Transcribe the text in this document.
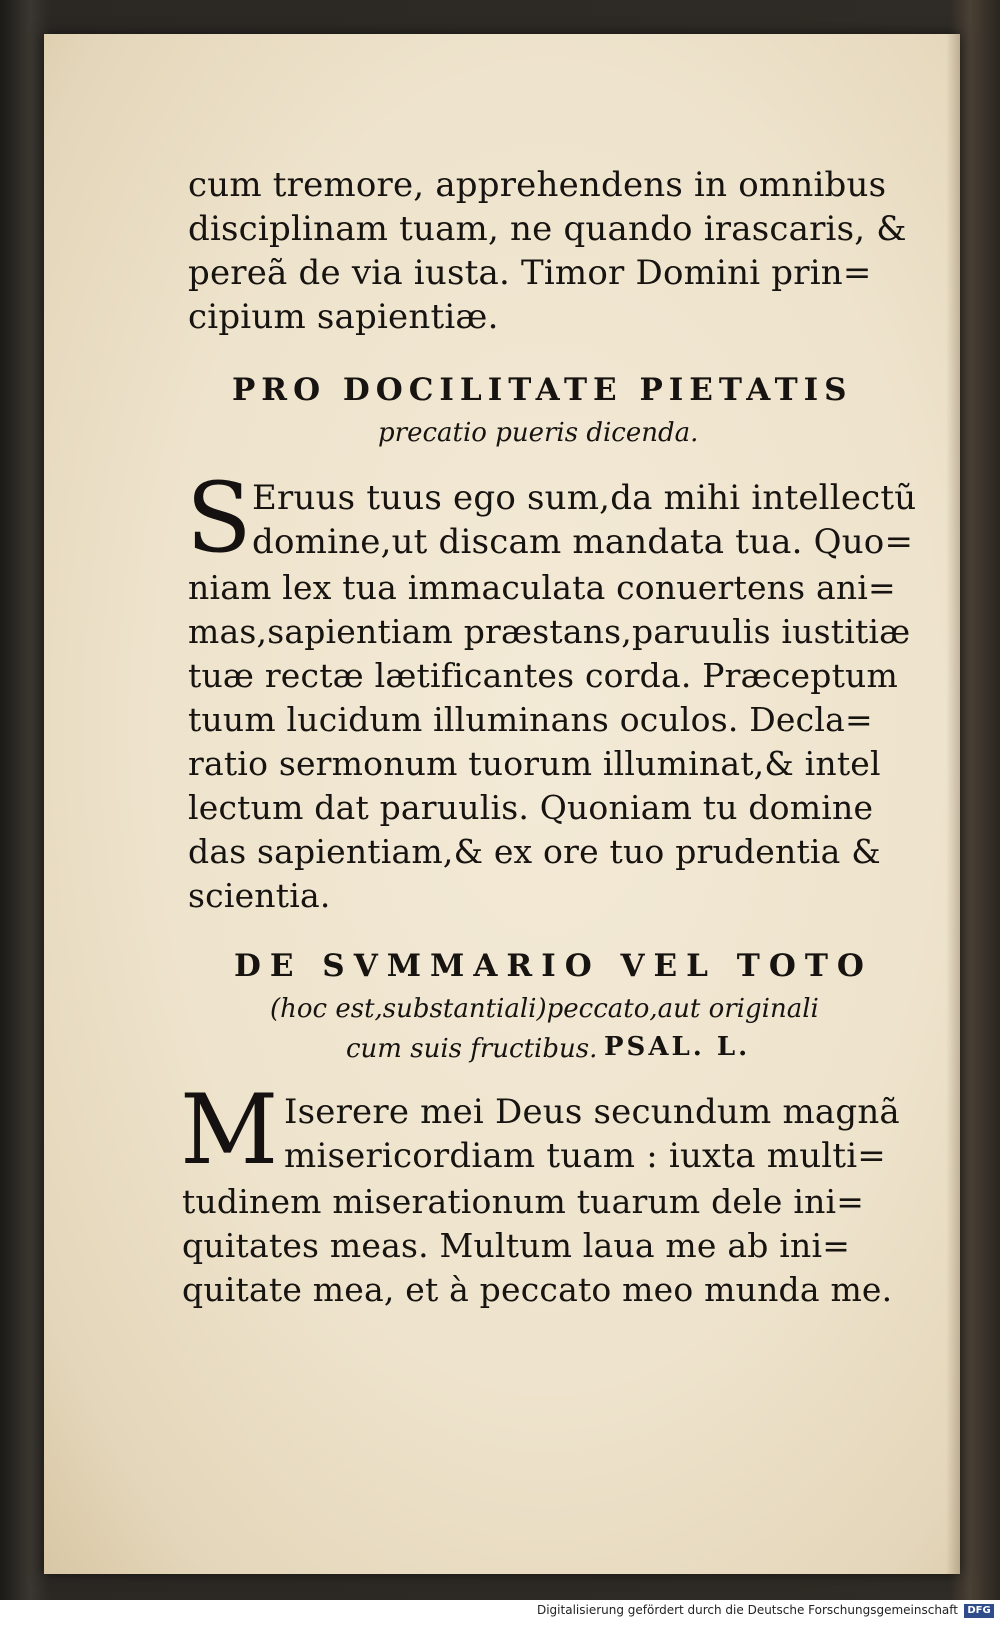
cum tremore, apprehendens in omnibus
disciplinam tuam, ne quando irascaris, &
pereã de via iusta. Timor Domini prin=
cipium sapientiæ.
PRO DOCILITATE PIETATIS
precatio pueris dicenda.
S Eruus tuus ego sum,da mihi intellectũ
domine,ut discam mandata tua. Quo=
niam lex tua immaculata conuertens ani=
mas,sapientiam præstans,paruulis iustitiæ
tuæ rectæ lætificantes corda. Præceptum
tuum lucidum illuminans oculos. Decla=
ratio sermonum tuorum illuminat,& intel
lectum dat paruulis. Quoniam tu domine
das sapientiam,& ex ore tuo prudentia &
scientia.
DE SVMMARIO VEL TOTO
(hoc est,substantiali)peccato,aut originali
cum suis fructibus. PSAL. L.
M Iserere mei Deus secundum magnã
misericordiam tuam : iuxta multi=
tudinem miserationum tuarum dele ini=
quitates meas. Multum laua me ab ini=
quitate mea, et à peccato meo munda me.
Digitalisierung gefördert durch die Deutsche Forschungsgemeinschaft DFG
